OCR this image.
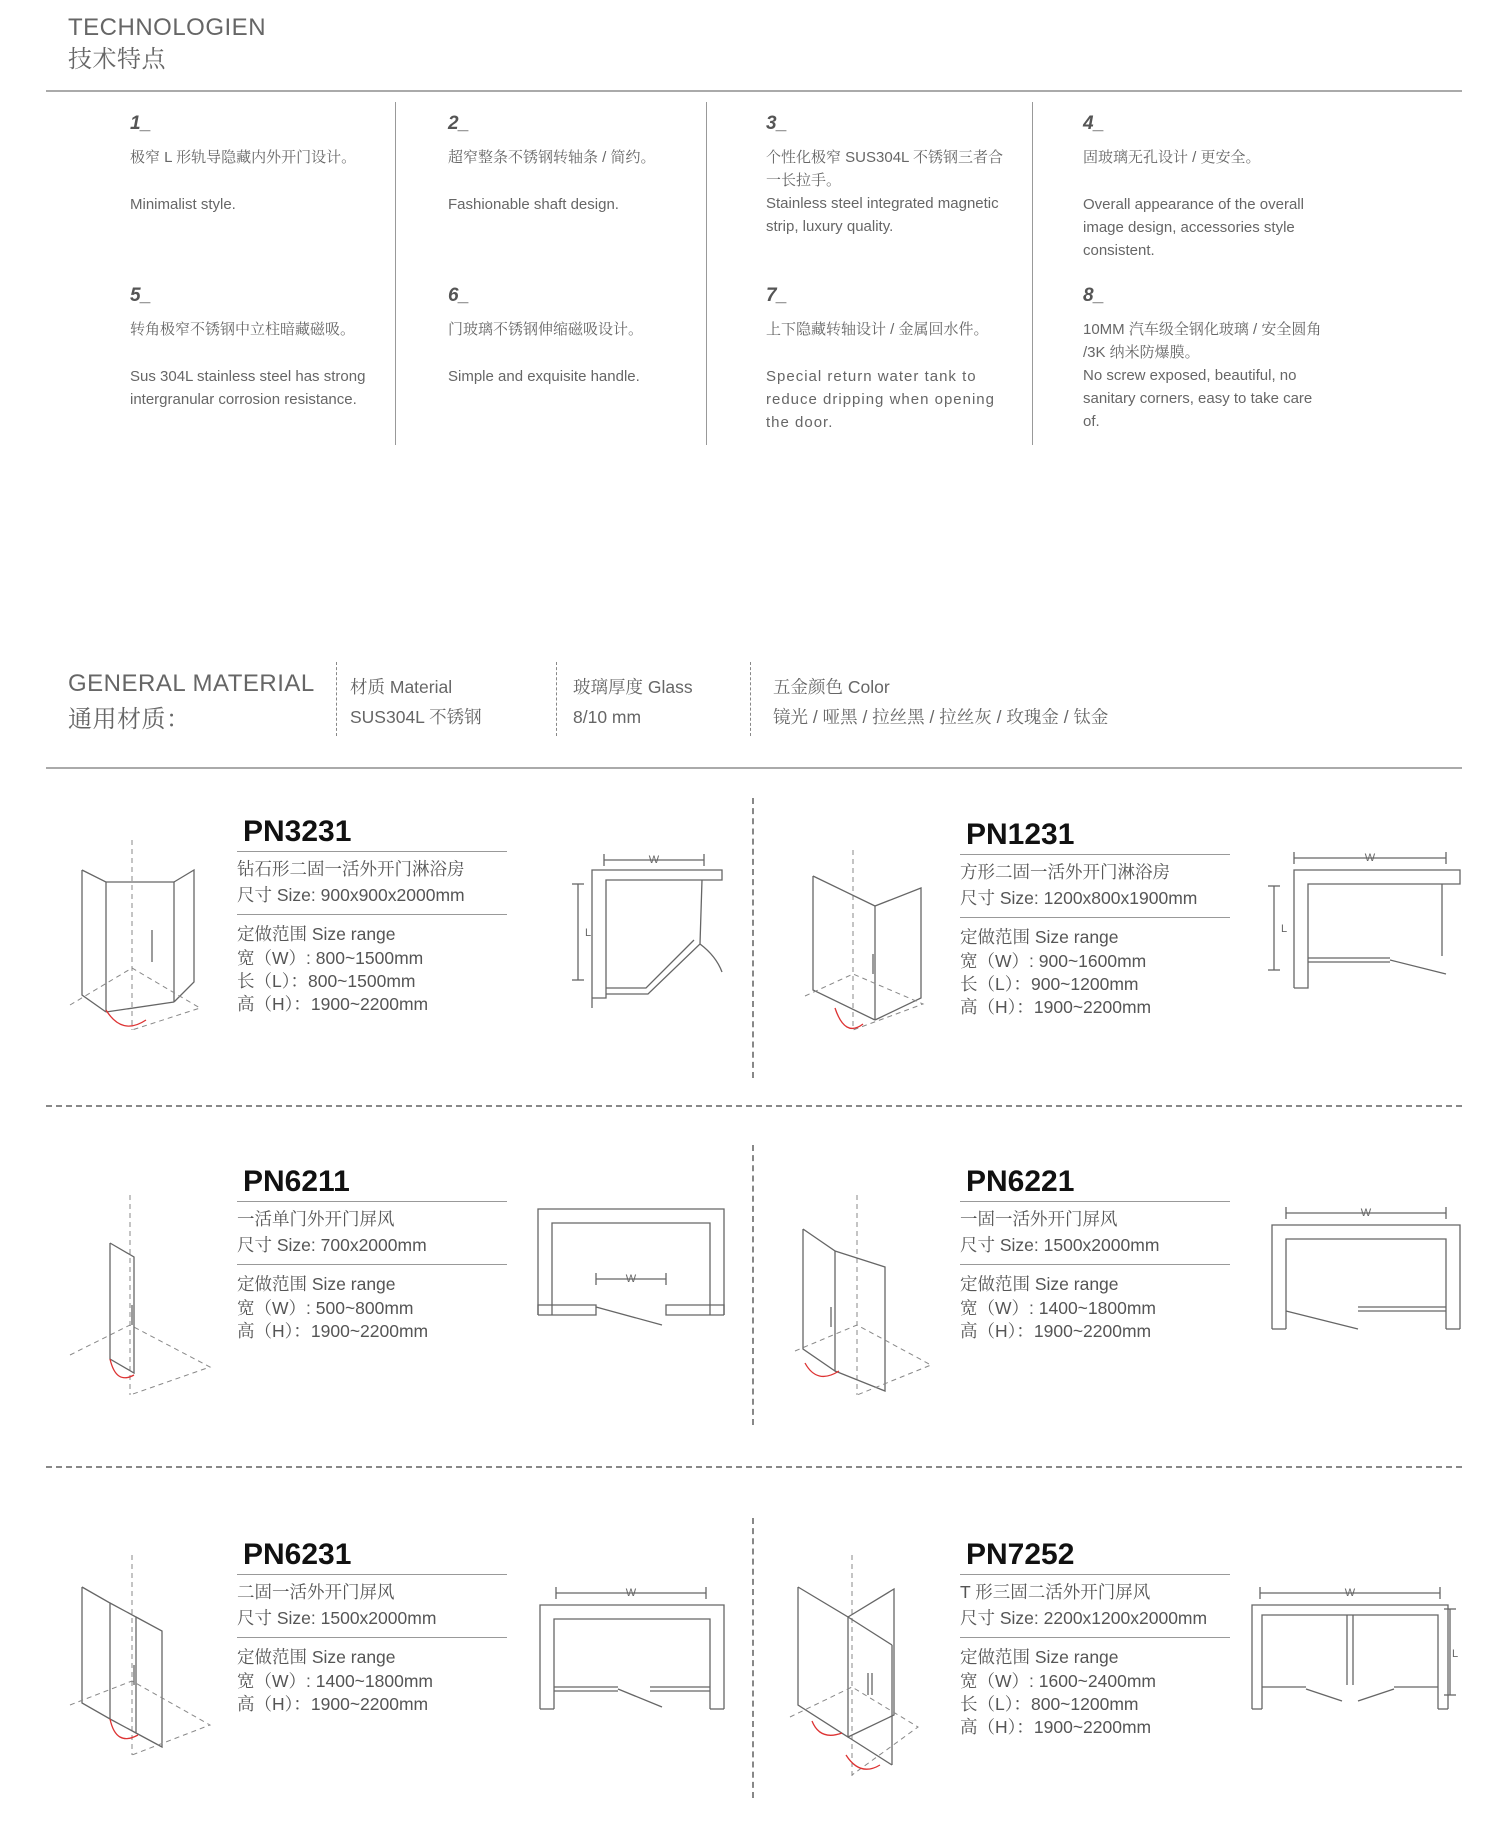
TECHNOLOGIEN
技术特点
1_
极窄 L 形轨导隐藏内外开门设计。
Minimalist style.
2_
超窄整条不锈钢转轴条 / 简约。
Fashionable shaft design.
3_
个性化极窄 SUS304L 不锈钢三者合一长拉手。
Stainless steel integrated magnetic strip, luxury quality.
4_
固玻璃无孔设计 / 更安全。
Overall appearance of the overall image design, accessories style consistent.
5_
转角极窄不锈钢中立柱暗藏磁吸。
Sus 304L stainless steel has strong intergranular corrosion resistance.
6_
门玻璃不锈钢伸缩磁吸设计。
Simple and exquisite handle.
7_
上下隐藏转轴设计 / 金属回水件。
Special return water tank to reduce dripping when opening the door.
8_
10MM 汽车级全钢化玻璃 / 安全圆角 /3K 纳米防爆膜。
No screw exposed, beautiful, no sanitary corners, easy to take care of.
GENERAL MATERIAL
通用材质：
材质 Material
SUS304L 不锈钢
玻璃厚度 Glass
8/10 mm
五金颜色 Color
镜光 / 哑黑 / 拉丝黑 / 拉丝灰 / 玫瑰金 / 钛金
PN3231
钻石形二固一活外开门淋浴房
尺寸 Size: 900x900x2000mm
定做范围 Size range
宽（W）: 800~1500mm
长（L）：800~1500mm
高（H）：1900~2200mm
W
L
PN1231
方形二固一活外开门淋浴房
尺寸 Size: 1200x800x1900mm
定做范围 Size range
宽（W）: 900~1600mm
长（L）：900~1200mm
高（H）：1900~2200mm
W
L
PN6211
一活单门外开门屏风
尺寸 Size: 700x2000mm
定做范围 Size range
宽（W）: 500~800mm
高（H）：1900~2200mm
W
PN6221
一固一活外开门屏风
尺寸 Size: 1500x2000mm
定做范围 Size range
宽（W）: 1400~1800mm
高（H）：1900~2200mm
W
PN6231
二固一活外开门屏风
尺寸 Size: 1500x2000mm
定做范围 Size range
宽（W）: 1400~1800mm
高（H）：1900~2200mm
W
PN7252
T 形三固二活外开门屏风
尺寸 Size: 2200x1200x2000mm
定做范围 Size range
宽（W）: 1600~2400mm
长（L）：800~1200mm
高（H）：1900~2200mm
W
L
